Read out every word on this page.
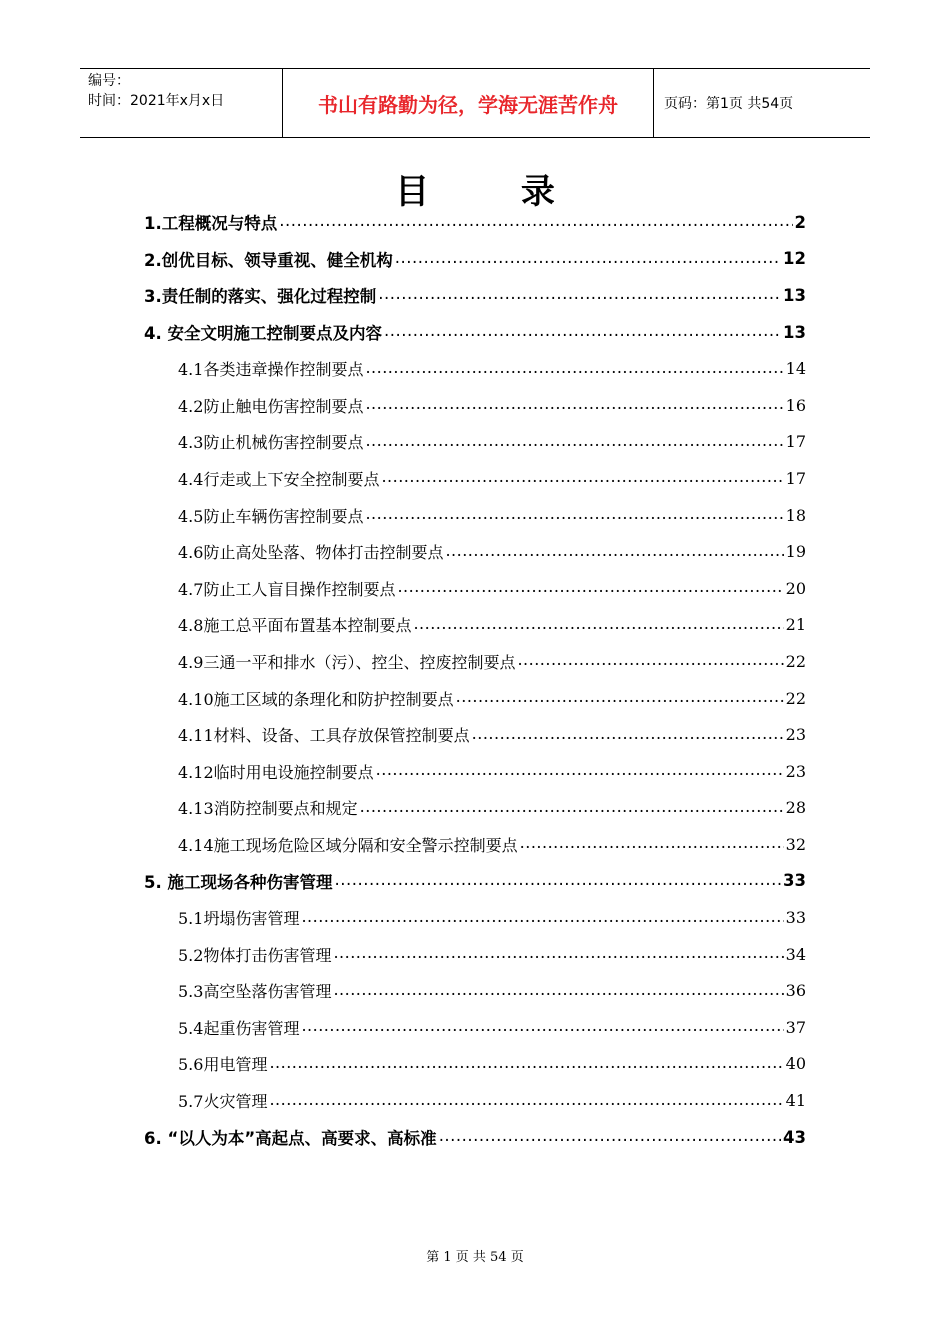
编号：
时间：2021年x月x日	书山有路勤为径，学海无涯苦作舟	页码：第1页 共54页
目 录
1.工程概况与特点 .....	2
2.创优目标、领导重视、健全机构 .....	12
3.责任制的落实、强化过程控制 .....	13
4. 安全文明施工控制要点及内容 .....	13
4.1各类违章操作控制要点 .....	14
4.2防止触电伤害控制要点 .....	16
4.3防止机械伤害控制要点 .....	17
4.4行走或上下安全控制要点 .....	17
4.5防止车辆伤害控制要点 .....	18
4.6防止高处坠落、物体打击控制要点 .....	19
4.7防止工人盲目操作控制要点 .....	20
4.8施工总平面布置基本控制要点 .....	21
4.9三通一平和排水（污）、控尘、控废控制要点 .....	22
4.10施工区域的条理化和防护控制要点 .....	22
4.11材料、设备、工具存放保管控制要点 .....	23
4.12临时用电设施控制要点 .....	23
4.13消防控制要点和规定 .....	28
4.14施工现场危险区域分隔和安全警示控制要点 .....	32
5. 施工现场各种伤害管理 .....	33
5.1坍塌伤害管理 .....	33
5.2物体打击伤害管理 .....	34
5.3高空坠落伤害管理 .....	36
5.4起重伤害管理 .....	37
5.6用电管理 .....	40
5.7火灾管理 .....	41
6. “以人为本”高起点、高要求、高标准 .....	43
第 1 页 共 54 页
